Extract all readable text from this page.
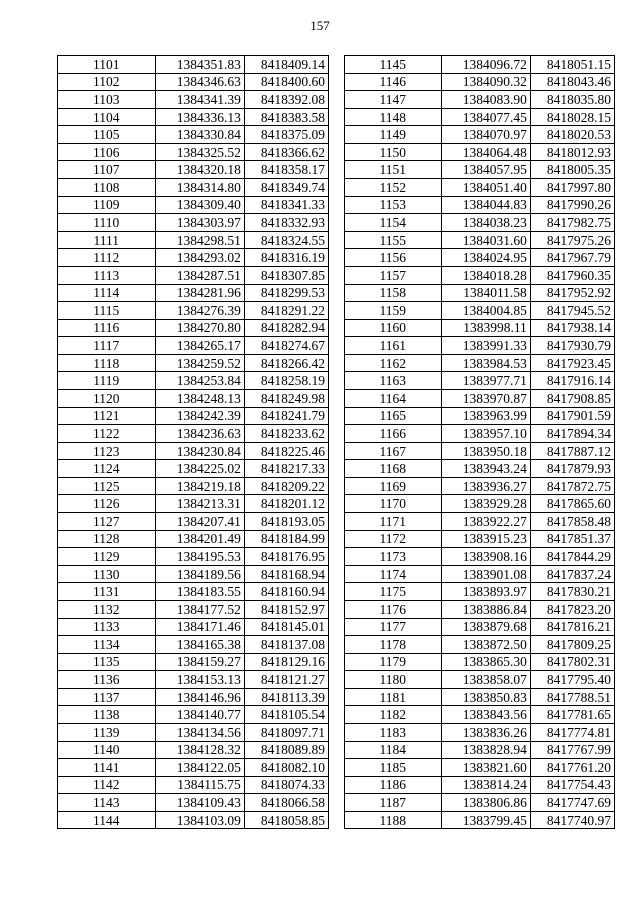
157
1101	1384351.83	8418409.14
1102	1384346.63	8418400.60
1103	1384341.39	8418392.08
1104	1384336.13	8418383.58
1105	1384330.84	8418375.09
1106	1384325.52	8418366.62
1107	1384320.18	8418358.17
1108	1384314.80	8418349.74
1109	1384309.40	8418341.33
1110	1384303.97	8418332.93
1111	1384298.51	8418324.55
1112	1384293.02	8418316.19
1113	1384287.51	8418307.85
1114	1384281.96	8418299.53
1115	1384276.39	8418291.22
1116	1384270.80	8418282.94
1117	1384265.17	8418274.67
1118	1384259.52	8418266.42
1119	1384253.84	8418258.19
1120	1384248.13	8418249.98
1121	1384242.39	8418241.79
1122	1384236.63	8418233.62
1123	1384230.84	8418225.46
1124	1384225.02	8418217.33
1125	1384219.18	8418209.22
1126	1384213.31	8418201.12
1127	1384207.41	8418193.05
1128	1384201.49	8418184.99
1129	1384195.53	8418176.95
1130	1384189.56	8418168.94
1131	1384183.55	8418160.94
1132	1384177.52	8418152.97
1133	1384171.46	8418145.01
1134	1384165.38	8418137.08
1135	1384159.27	8418129.16
1136	1384153.13	8418121.27
1137	1384146.96	8418113.39
1138	1384140.77	8418105.54
1139	1384134.56	8418097.71
1140	1384128.32	8418089.89
1141	1384122.05	8418082.10
1142	1384115.75	8418074.33
1143	1384109.43	8418066.58
1144	1384103.09	8418058.85
1145	1384096.72	8418051.15
1146	1384090.32	8418043.46
1147	1384083.90	8418035.80
1148	1384077.45	8418028.15
1149	1384070.97	8418020.53
1150	1384064.48	8418012.93
1151	1384057.95	8418005.35
1152	1384051.40	8417997.80
1153	1384044.83	8417990.26
1154	1384038.23	8417982.75
1155	1384031.60	8417975.26
1156	1384024.95	8417967.79
1157	1384018.28	8417960.35
1158	1384011.58	8417952.92
1159	1384004.85	8417945.52
1160	1383998.11	8417938.14
1161	1383991.33	8417930.79
1162	1383984.53	8417923.45
1163	1383977.71	8417916.14
1164	1383970.87	8417908.85
1165	1383963.99	8417901.59
1166	1383957.10	8417894.34
1167	1383950.18	8417887.12
1168	1383943.24	8417879.93
1169	1383936.27	8417872.75
1170	1383929.28	8417865.60
1171	1383922.27	8417858.48
1172	1383915.23	8417851.37
1173	1383908.16	8417844.29
1174	1383901.08	8417837.24
1175	1383893.97	8417830.21
1176	1383886.84	8417823.20
1177	1383879.68	8417816.21
1178	1383872.50	8417809.25
1179	1383865.30	8417802.31
1180	1383858.07	8417795.40
1181	1383850.83	8417788.51
1182	1383843.56	8417781.65
1183	1383836.26	8417774.81
1184	1383828.94	8417767.99
1185	1383821.60	8417761.20
1186	1383814.24	8417754.43
1187	1383806.86	8417747.69
1188	1383799.45	8417740.97
